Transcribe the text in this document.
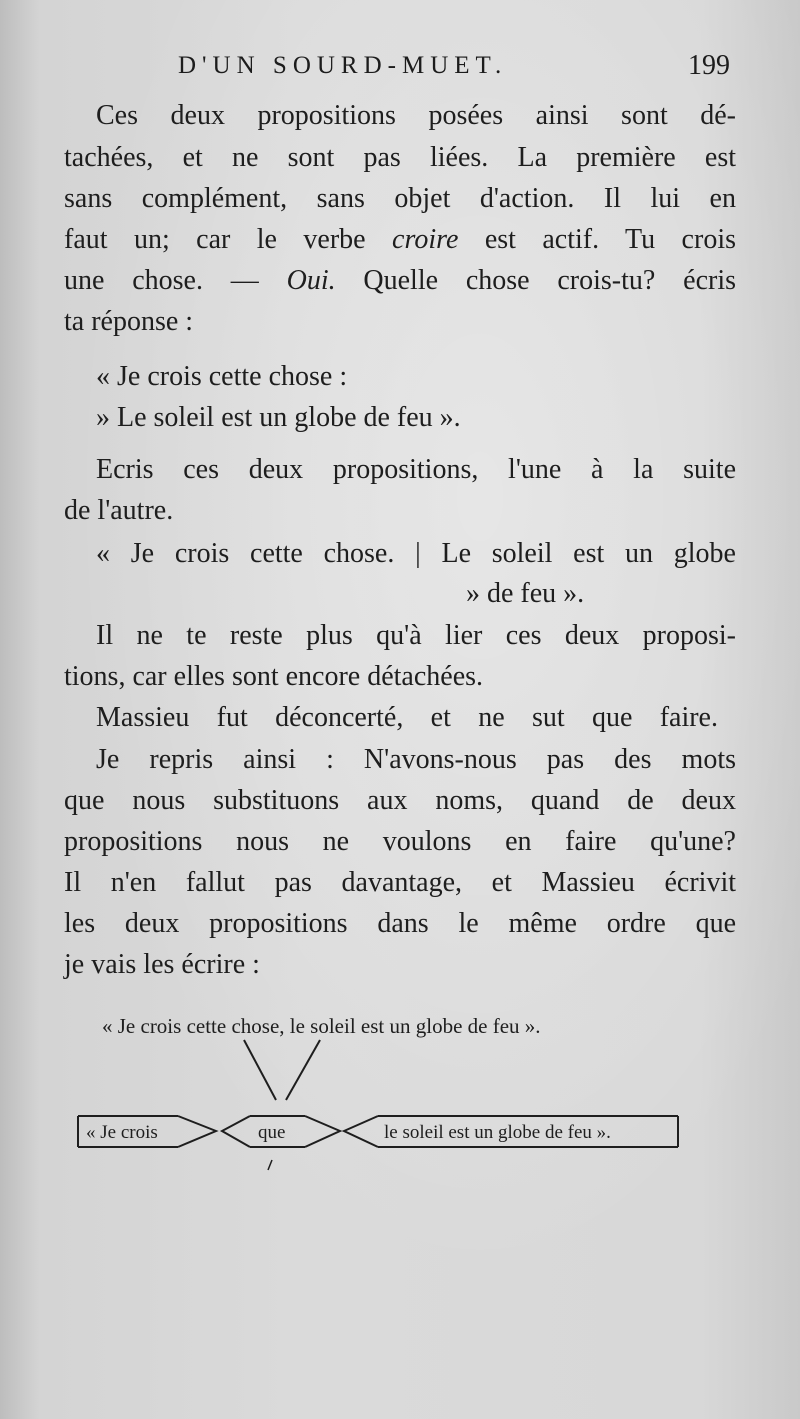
D'UN SOURD-MUET.	199
Ces deux propositions posées ainsi sont dé-
tachées, et ne sont pas liées. La première est
sans complément, sans objet d'action. Il lui en
faut un; car le verbe croire est actif. Tu crois
une chose. — Oui. Quelle chose crois-tu? écris
ta réponse :
« Je crois cette chose :
» Le soleil est un globe de feu ».
Ecris ces deux propositions, l'une à la suite
de l'autre.
« Je crois cette chose. | Le soleil est un globe
» de feu ».
Il ne te reste plus qu'à lier ces deux proposi-
tions, car elles sont encore détachées.
Massieu fut déconcerté, et ne sut que faire.
Je repris ainsi : N'avons-nous pas des mots
que nous substituons aux noms, quand de deux
propositions nous ne voulons en faire qu'une?
Il n'en fallut pas davantage, et Massieu écrivit
les deux propositions dans le même ordre que
je vais les écrire :
« Je crois cette chose, le soleil est un globe de feu ».
« Je crois	que	le soleil est un globe de feu ».
